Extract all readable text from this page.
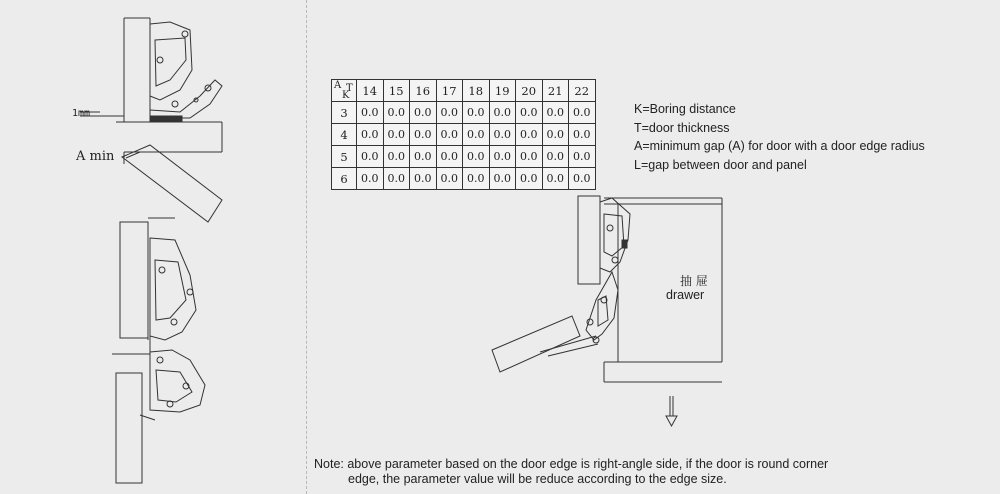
1mm
A min
A T
K	14	15	16	17	18	19	20	21	22
3	0.0	0.0	0.0	0.0	0.0	0.0	0.0	0.0	0.0
4	0.0	0.0	0.0	0.0	0.0	0.0	0.0	0.0	0.0
5	0.0	0.0	0.0	0.0	0.0	0.0	0.0	0.0	0.0
6	0.0	0.0	0.0	0.0	0.0	0.0	0.0	0.0	0.0
K=Boring distance
T=door thickness
A=minimum gap (A) for door with a door edge radius
L=gap between door and panel
抽 屉
drawer
Note: above parameter based on the door edge is right-angle side, if the door is round corner
edge, the parameter value will be reduce according to the edge size.
